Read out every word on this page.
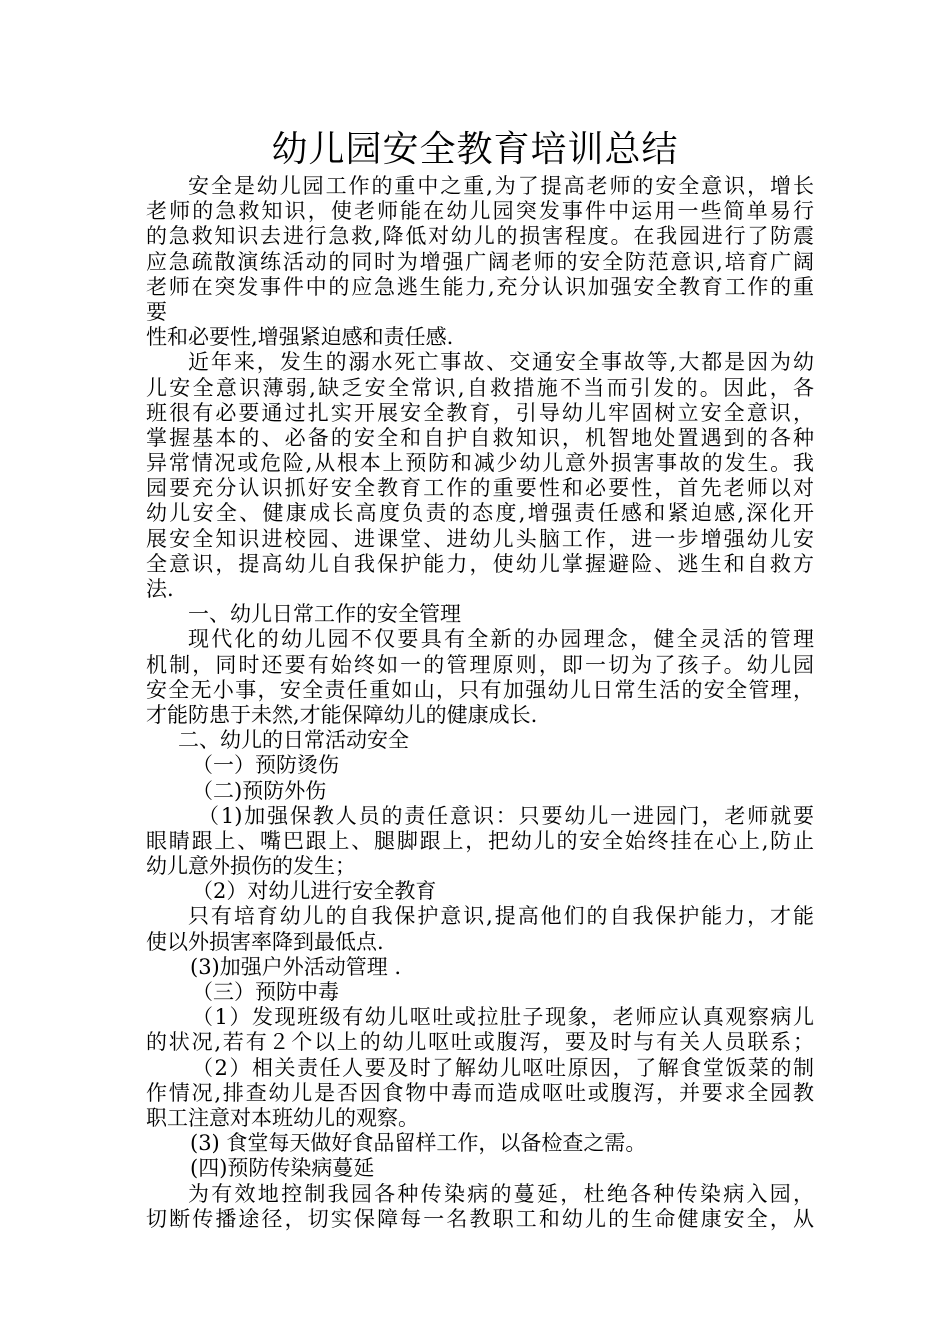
幼儿园安全教育培训总结

安全是幼儿园工作的重中之重,为了提高老师的安全意识，增长

老师的急救知识，使老师能在幼儿园突发事件中运用一些简单易行

的急救知识去进行急救,降低对幼儿的损害程度。在我园进行了防震

应急疏散演练活动的同时为增强广阔老师的安全防范意识,培育广阔

老师在突发事件中的应急逃生能力,充分认识加强安全教育工作的重

要

性和必要性,增强紧迫感和责任感.

近年来，发生的溺水死亡事故、交通安全事故等,大都是因为幼

儿安全意识薄弱,缺乏安全常识,自救措施不当而引发的。因此，各

班很有必要通过扎实开展安全教育，引导幼儿牢固树立安全意识，

掌握基本的、必备的安全和自护自救知识，机智地处置遇到的各种

异常情况或危险,从根本上预防和减少幼儿意外损害事故的发生。我

园要充分认识抓好安全教育工作的重要性和必要性，首先老师以对

幼儿安全、健康成长高度负责的态度,增强责任感和紧迫感,深化开

展安全知识进校园、进课堂、进幼儿头脑工作，进一步增强幼儿安

全意识，提高幼儿自我保护能力，使幼儿掌握避险、逃生和自救方

法.

一、幼儿日常工作的安全管理

现代化的幼儿园不仅要具有全新的办园理念，健全灵活的管理

机制，同时还要有始终如一的管理原则，即一切为了孩子。幼儿园

安全无小事，安全责任重如山，只有加强幼儿日常生活的安全管理，

才能防患于未然,才能保障幼儿的健康成长.

二、幼儿的日常活动安全

（一）预防烫伤

（二)预防外伤

（1)加强保教人员的责任意识：只要幼儿一进园门，老师就要

眼睛跟上、嘴巴跟上、腿脚跟上，把幼儿的安全始终挂在心上,防止

幼儿意外损伤的发生；

（2）对幼儿进行安全教育

只有培育幼儿的自我保护意识,提高他们的自我保护能力，才能

使以外损害率降到最低点.

(3)加强户外活动管理 .

（三）预防中毒

（1）发现班级有幼儿呕吐或拉肚子现象，老师应认真观察病儿

的状况,若有２个以上的幼儿呕吐或腹泻，要及时与有关人员联系；

（2）相关责任人要及时了解幼儿呕吐原因，了解食堂饭菜的制

作情况,排查幼儿是否因食物中毒而造成呕吐或腹泻，并要求全园教

职工注意对本班幼儿的观察。

(3) 食堂每天做好食品留样工作，以备检查之需。

(四)预防传染病蔓延

为有效地控制我园各种传染病的蔓延，杜绝各种传染病入园，

切断传播途径，切实保障每一名教职工和幼儿的生命健康安全，从
